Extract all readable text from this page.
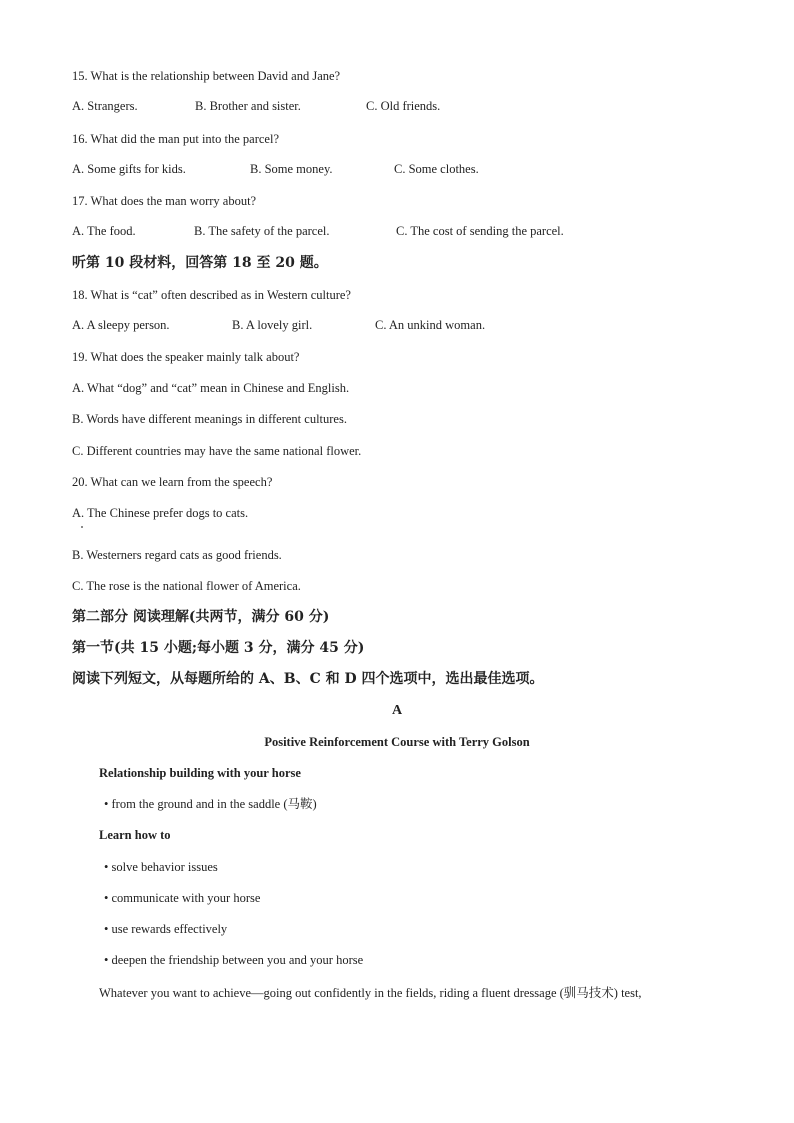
15. What is the relationship between David and Jane?
A. Strangers.	B. Brother and sister.	C. Old friends.
16. What did the man put into the parcel?
A. Some gifts for kids.	B. Some money.	C. Some clothes.
17. What does the man worry about?
A. The food.	B. The safety of the parcel.	C. The cost of sending the parcel.
听第 10 段材料，回答第 18 至 20 题。
18. What is “cat” often described as in Western culture?
A. A sleepy person.	B. A lovely girl.	C. An unkind woman.
19. What does the speaker mainly talk about?
A. What “dog” and “cat” mean in Chinese and English.
B. Words have different meanings in different cultures.
C. Different countries may have the same national flower.
20. What can we learn from the speech?
A. The Chinese prefer dogs to cats.
B. Westerners regard cats as good friends.
C. The rose is the national flower of America.
第二部分 阅读理解(共两节，满分 60 分)
第一节(共 15 小题;每小题 3 分，满分 45 分)
阅读下列短文，从每题所给的 A、B、C 和 D 四个选项中，选出最佳选项。
A
Positive Reinforcement Course with Terry Golson
Relationship building with your horse
• from the ground and in the saddle (马鞍)
Learn how to
• solve behavior issues
• communicate with your horse
• use rewards effectively
• deepen the friendship between you and your horse
Whatever you want to achieve—going out confidently in the fields, riding a fluent dressage (驯马技术) test,
